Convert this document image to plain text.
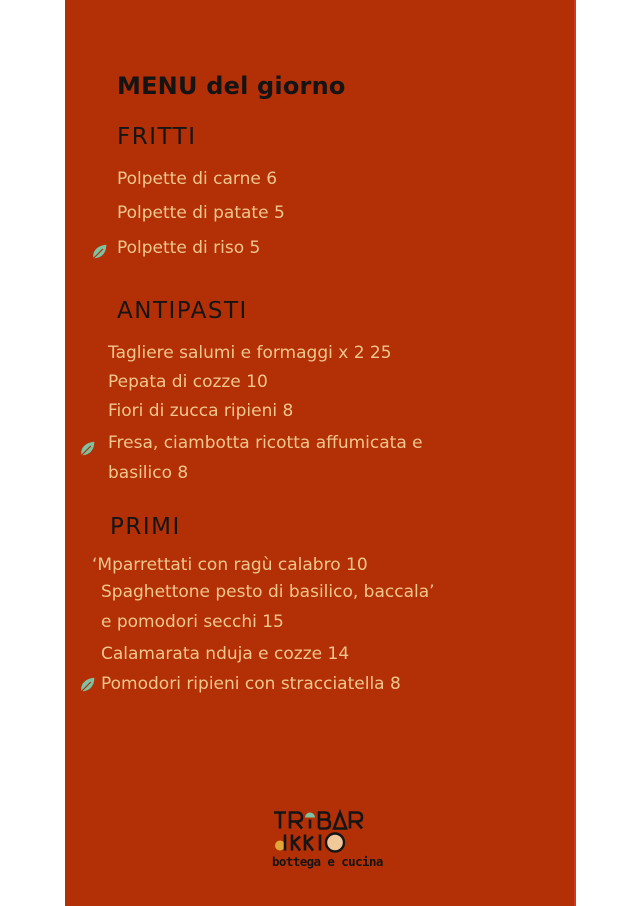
MENU del giorno
FRITTI
Polpette di carne 6
Polpette di patate 5
Polpette di riso 5
ANTIPASTI
Tagliere salumi e formaggi x 2 25
Pepata di cozze 10
Fiori di zucca ripieni 8
Fresa, ciambotta ricotta affumicata e
basilico 8
PRIMI
‘Mparrettati con ragù calabro 10
Spaghettone pesto di basilico, baccala’
e pomodori secchi 15
Calamarata nduja e cozze 14
Pomodori ripieni con stracciatella 8
bottega e cucina
